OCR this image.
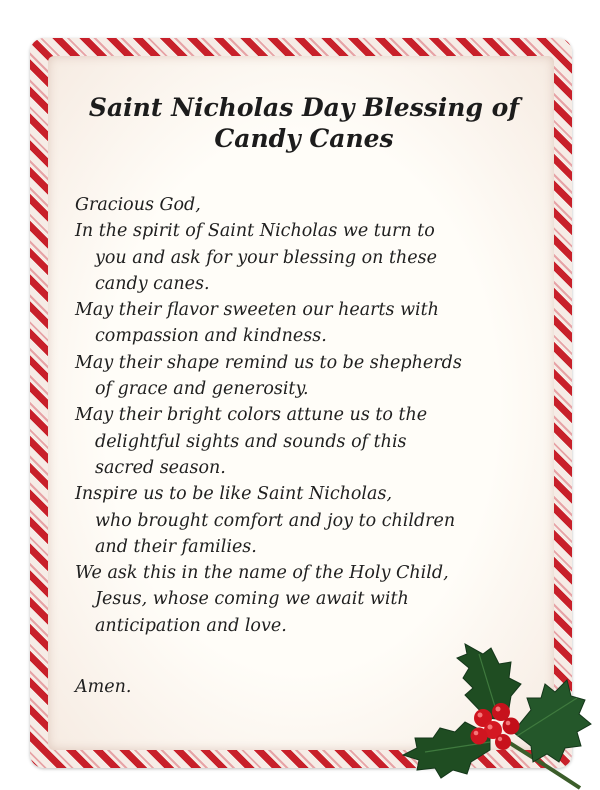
Saint Nicholas Day Blessing of
Candy Canes
Gracious God,
In the spirit of Saint Nicholas we turn to
you and ask for your blessing on these
candy canes.
May their flavor sweeten our hearts with
compassion and kindness.
May their shape remind us to be shepherds
of grace and generosity.
May their bright colors attune us to the
delightful sights and sounds of this
sacred season.
Inspire us to be like Saint Nicholas,
who brought comfort and joy to children
and their families.
We ask this in the name of the Holy Child,
Jesus, whose coming we await with
anticipation and love.
Amen.
